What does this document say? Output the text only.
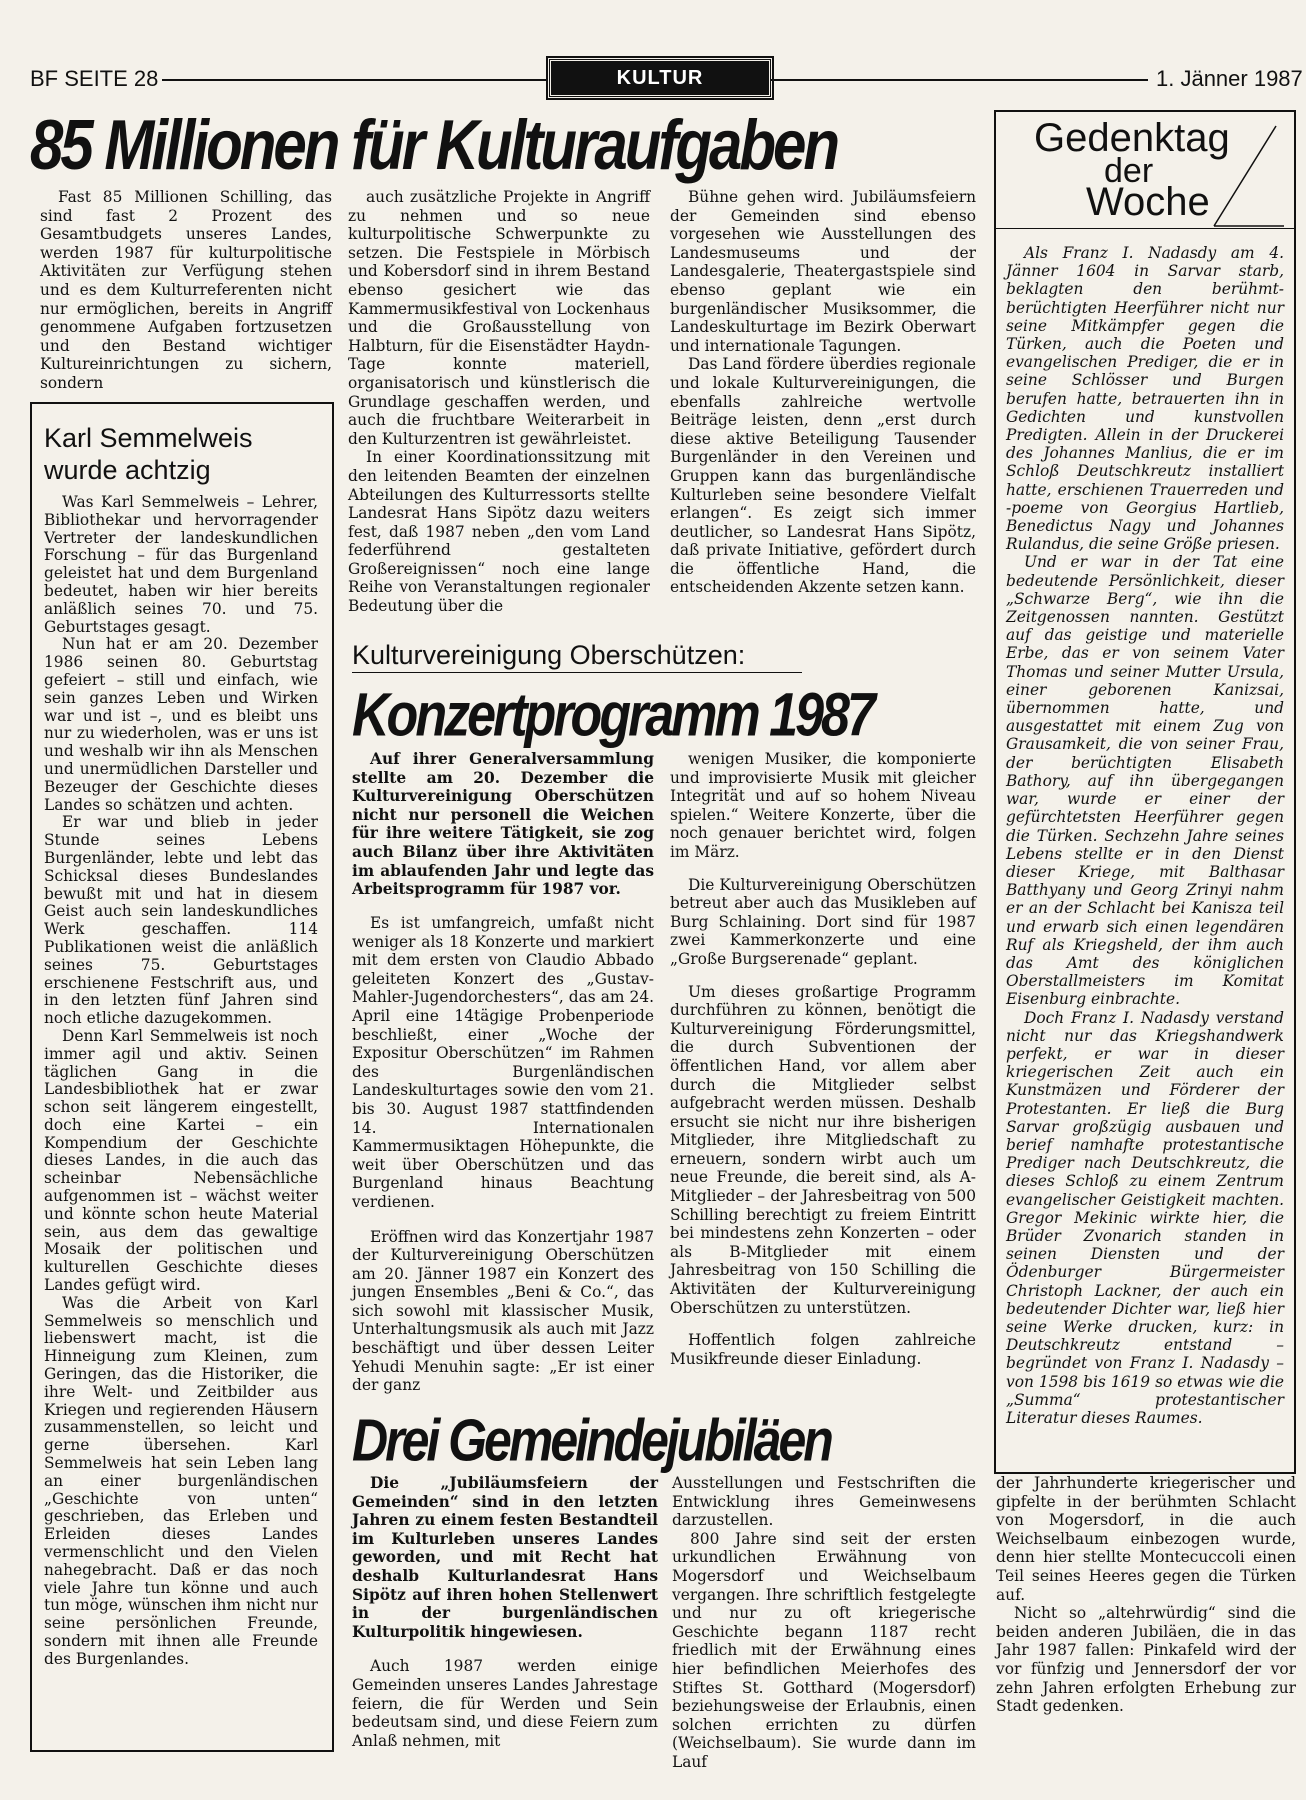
BF SEITE 28	KULTUR	1. Jänner 1987
85 Millionen für Kulturaufgaben

Fast 85 Millionen Schilling, das sind fast 2 Prozent des Gesamtbudgets unseres Landes, werden 1987 für kulturpolitische Aktivitäten zur Verfügung stehen und es dem Kulturreferenten nicht nur ermöglichen, bereits in Angriff genommene Aufgaben fortzusetzen und den Bestand wichtiger Kultureinrichtungen zu sichern, sondern

auch zusätzliche Projekte in Angriff zu nehmen und so neue kulturpolitische Schwerpunkte zu setzen. Die Festspiele in Mörbisch und Kobersdorf sind in ihrem Bestand ebenso gesichert wie das Kammermusikfestival von Lockenhaus und die Großausstellung von Halbturn, für die Eisenstädter Haydn-Tage konnte materiell, organisatorisch und künstlerisch die Grundlage geschaffen werden, und auch die fruchtbare Weiterarbeit in den Kulturzentren ist gewährleistet.

In einer Koordinationssitzung mit den leitenden Beamten der einzelnen Abteilungen des Kulturressorts stellte Landesrat Hans Sipötz dazu weiters fest, daß 1987 neben „den vom Land federführend gestalteten Großereignissen“ noch eine lange Reihe von Veranstaltungen regionaler Bedeutung über die

Bühne gehen wird. Jubiläumsfeiern der Gemeinden sind ebenso vorgesehen wie Ausstellungen des Landesmuseums und der Landesgalerie, Theatergastspiele sind ebenso geplant wie ein burgenländischer Musiksommer, die Landeskulturtage im Bezirk Oberwart und internationale Tagungen.

Das Land fördere überdies regionale und lokale Kulturvereinigungen, die ebenfalls zahlreiche wertvolle Beiträge leisten, denn „erst durch diese aktive Beteiligung Tausender Burgenländer in den Vereinen und Gruppen kann das burgenländische Kulturleben seine besondere Vielfalt erlangen“. Es zeigt sich immer deutlicher, so Landesrat Hans Sipötz, daß private Initiative, gefördert durch die öffentliche Hand, die entscheidenden Akzente setzen kann.

Karl Semmelweis
wurde achtzig

Was Karl Semmelweis – Lehrer, Bibliothekar und hervorragender Vertreter der landeskundlichen Forschung – für das Burgenland geleistet hat und dem Burgenland bedeutet, haben wir hier bereits anläßlich seines 70. und 75. Geburtstages gesagt.

Nun hat er am 20. Dezember 1986 seinen 80. Geburtstag gefeiert – still und einfach, wie sein ganzes Leben und Wirken war und ist –, und es bleibt uns nur zu wiederholen, was er uns ist und weshalb wir ihn als Menschen und unermüdlichen Darsteller und Bezeuger der Geschichte dieses Landes so schätzen und achten.

Er war und blieb in jeder Stunde seines Lebens Burgenländer, lebte und lebt das Schicksal dieses Bundeslandes bewußt mit und hat in diesem Geist auch sein landeskundliches Werk geschaffen. 114 Publikationen weist die anläßlich seines 75. Geburtstages erschienene Festschrift aus, und in den letzten fünf Jahren sind noch etliche dazugekommen.

Denn Karl Semmelweis ist noch immer agil und aktiv. Seinen täglichen Gang in die Landesbibliothek hat er zwar schon seit längerem eingestellt, doch eine Kartei – ein Kompendium der Geschichte dieses Landes, in die auch das scheinbar Nebensächliche aufgenommen ist – wächst weiter und könnte schon heute Material sein, aus dem das gewaltige Mosaik der politischen und kulturellen Geschichte dieses Landes gefügt wird.

Was die Arbeit von Karl Semmelweis so menschlich und liebenswert macht, ist die Hinneigung zum Kleinen, zum Geringen, das die Historiker, die ihre Welt- und Zeitbilder aus Kriegen und regierenden Häusern zusammenstellen, so leicht und gerne übersehen. Karl Semmelweis hat sein Leben lang an einer burgenländischen „Geschichte von unten“ geschrieben, das Erleben und Erleiden dieses Landes vermenschlicht und den Vielen nahegebracht. Daß er das noch viele Jahre tun könne und auch tun möge, wünschen ihm nicht nur seine persönlichen Freunde, sondern mit ihnen alle Freunde des Burgenlandes.

Kulturvereinigung Oberschützen:
Konzertprogramm 1987

Auf ihrer Generalversammlung stellte am 20. Dezember die Kulturvereinigung Oberschützen nicht nur personell die Weichen für ihre weitere Tätigkeit, sie zog auch Bilanz über ihre Aktivitäten im ablaufenden Jahr und legte das Arbeitsprogramm für 1987 vor.

Es ist umfangreich, umfaßt nicht weniger als 18 Konzerte und markiert mit dem ersten von Claudio Abbado geleiteten Konzert des „Gustav-Mahler-Jugendorchesters“, das am 24. April eine 14tägige Probenperiode beschließt, einer „Woche der Expositur Oberschützen“ im Rahmen des Burgenländischen Landeskulturtages sowie den vom 21. bis 30. August 1987 stattfindenden 14. Internationalen Kammermusiktagen Höhepunkte, die weit über Oberschützen und das Burgenland hinaus Beachtung verdienen.

Eröffnen wird das Konzertjahr 1987 der Kulturvereinigung Oberschützen am 20. Jänner 1987 ein Konzert des jungen Ensembles „Beni & Co.“, das sich sowohl mit klassischer Musik, Unterhaltungsmusik als auch mit Jazz beschäftigt und über dessen Leiter Yehudi Menuhin sagte: „Er ist einer der ganz

wenigen Musiker, die komponierte und improvisierte Musik mit gleicher Integrität und auf so hohem Niveau spielen.“ Weitere Konzerte, über die noch genauer berichtet wird, folgen im März.

Die Kulturvereinigung Oberschützen betreut aber auch das Musikleben auf Burg Schlaining. Dort sind für 1987 zwei Kammerkonzerte und eine „Große Burgserenade“ geplant.

Um dieses großartige Programm durchführen zu können, benötigt die Kulturvereinigung Förderungsmittel, die durch Subventionen der öffentlichen Hand, vor allem aber durch die Mitglieder selbst aufgebracht werden müssen. Deshalb ersucht sie nicht nur ihre bisherigen Mitglieder, ihre Mitgliedschaft zu erneuern, sondern wirbt auch um neue Freunde, die bereit sind, als A-Mitglieder – der Jahresbeitrag von 500 Schilling berechtigt zu freiem Eintritt bei mindestens zehn Konzerten – oder als B-Mitglieder mit einem Jahresbeitrag von 150 Schilling die Aktivitäten der Kulturvereinigung Oberschützen zu unterstützen.

Hoffentlich folgen zahlreiche Musikfreunde dieser Einladung.

Drei Gemeindejubiläen

Die „Jubiläumsfeiern der Gemeinden“ sind in den letzten Jahren zu einem festen Bestandteil im Kulturleben unseres Landes geworden, und mit Recht hat deshalb Kulturlandesrat Hans Sipötz auf ihren hohen Stellenwert in der burgenländischen Kulturpolitik hingewiesen.

Auch 1987 werden einige Gemeinden unseres Landes Jahrestage feiern, die für Werden und Sein bedeutsam sind, und diese Feiern zum Anlaß nehmen, mit

Ausstellungen und Festschriften die Entwicklung ihres Gemeinwesens darzustellen.

800 Jahre sind seit der ersten urkundlichen Erwähnung von Mogersdorf und Weichselbaum vergangen. Ihre schriftlich festgelegte und nur zu oft kriegerische Geschichte begann 1187 recht friedlich mit der Erwähnung eines hier befindlichen Meierhofes des Stiftes St. Gotthard (Mogersdorf) beziehungsweise der Erlaubnis, einen solchen errichten zu dürfen (Weichselbaum). Sie wurde dann im Lauf

der Jahrhunderte kriegerischer und gipfelte in der berühmten Schlacht von Mogersdorf, in die auch Weichselbaum einbezogen wurde, denn hier stellte Montecuccoli einen Teil seines Heeres gegen die Türken auf.

Nicht so „altehrwürdig“ sind die beiden anderen Jubiläen, die in das Jahr 1987 fallen: Pinkafeld wird der vor fünfzig und Jennersdorf der vor zehn Jahren erfolgten Erhebung zur Stadt gedenken.

Gedenktag
der
Woche

Als Franz I. Nadasdy am 4. Jänner 1604 in Sarvar starb, beklagten den berühmt-berüchtigten Heerführer nicht nur seine Mitkämpfer gegen die Türken, auch die Poeten und evangelischen Prediger, die er in seine Schlösser und Burgen berufen hatte, betrauerten ihn in Gedichten und kunstvollen Predigten. Allein in der Druckerei des Johannes Manlius, die er im Schloß Deutschkreutz installiert hatte, erschienen Trauerreden und -poeme von Georgius Hartlieb, Benedictus Nagy und Johannes Rulandus, die seine Größe priesen.

Und er war in der Tat eine bedeutende Persönlichkeit, dieser „Schwarze Berg“, wie ihn die Zeitgenossen nannten. Gestützt auf das geistige und materielle Erbe, das er von seinem Vater Thomas und seiner Mutter Ursula, einer geborenen Kanizsai, übernommen hatte, und ausgestattet mit einem Zug von Grausamkeit, die von seiner Frau, der berüchtigten Elisabeth Bathory, auf ihn übergegangen war, wurde er einer der gefürchtetsten Heerführer gegen die Türken. Sechzehn Jahre seines Lebens stellte er in den Dienst dieser Kriege, mit Balthasar Batthyany und Georg Zrinyi nahm er an der Schlacht bei Kanisza teil und erwarb sich einen legendären Ruf als Kriegsheld, der ihm auch das Amt des königlichen Oberstallmeisters im Komitat Eisenburg einbrachte.

Doch Franz I. Nadasdy verstand nicht nur das Kriegshandwerk perfekt, er war in dieser kriegerischen Zeit auch ein Kunstmäzen und Förderer der Protestanten. Er ließ die Burg Sarvar großzügig ausbauen und berief namhafte protestantische Prediger nach Deutschkreutz, die dieses Schloß zu einem Zentrum evangelischer Geistigkeit machten. Gregor Mekinic wirkte hier, die Brüder Zvonarich standen in seinen Diensten und der Ödenburger Bürgermeister Christoph Lackner, der auch ein bedeutender Dichter war, ließ hier seine Werke drucken, kurz: in Deutschkreutz entstand – begründet von Franz I. Nadasdy – von 1598 bis 1619 so etwas wie die „Summa“ protestantischer Literatur dieses Raumes.
